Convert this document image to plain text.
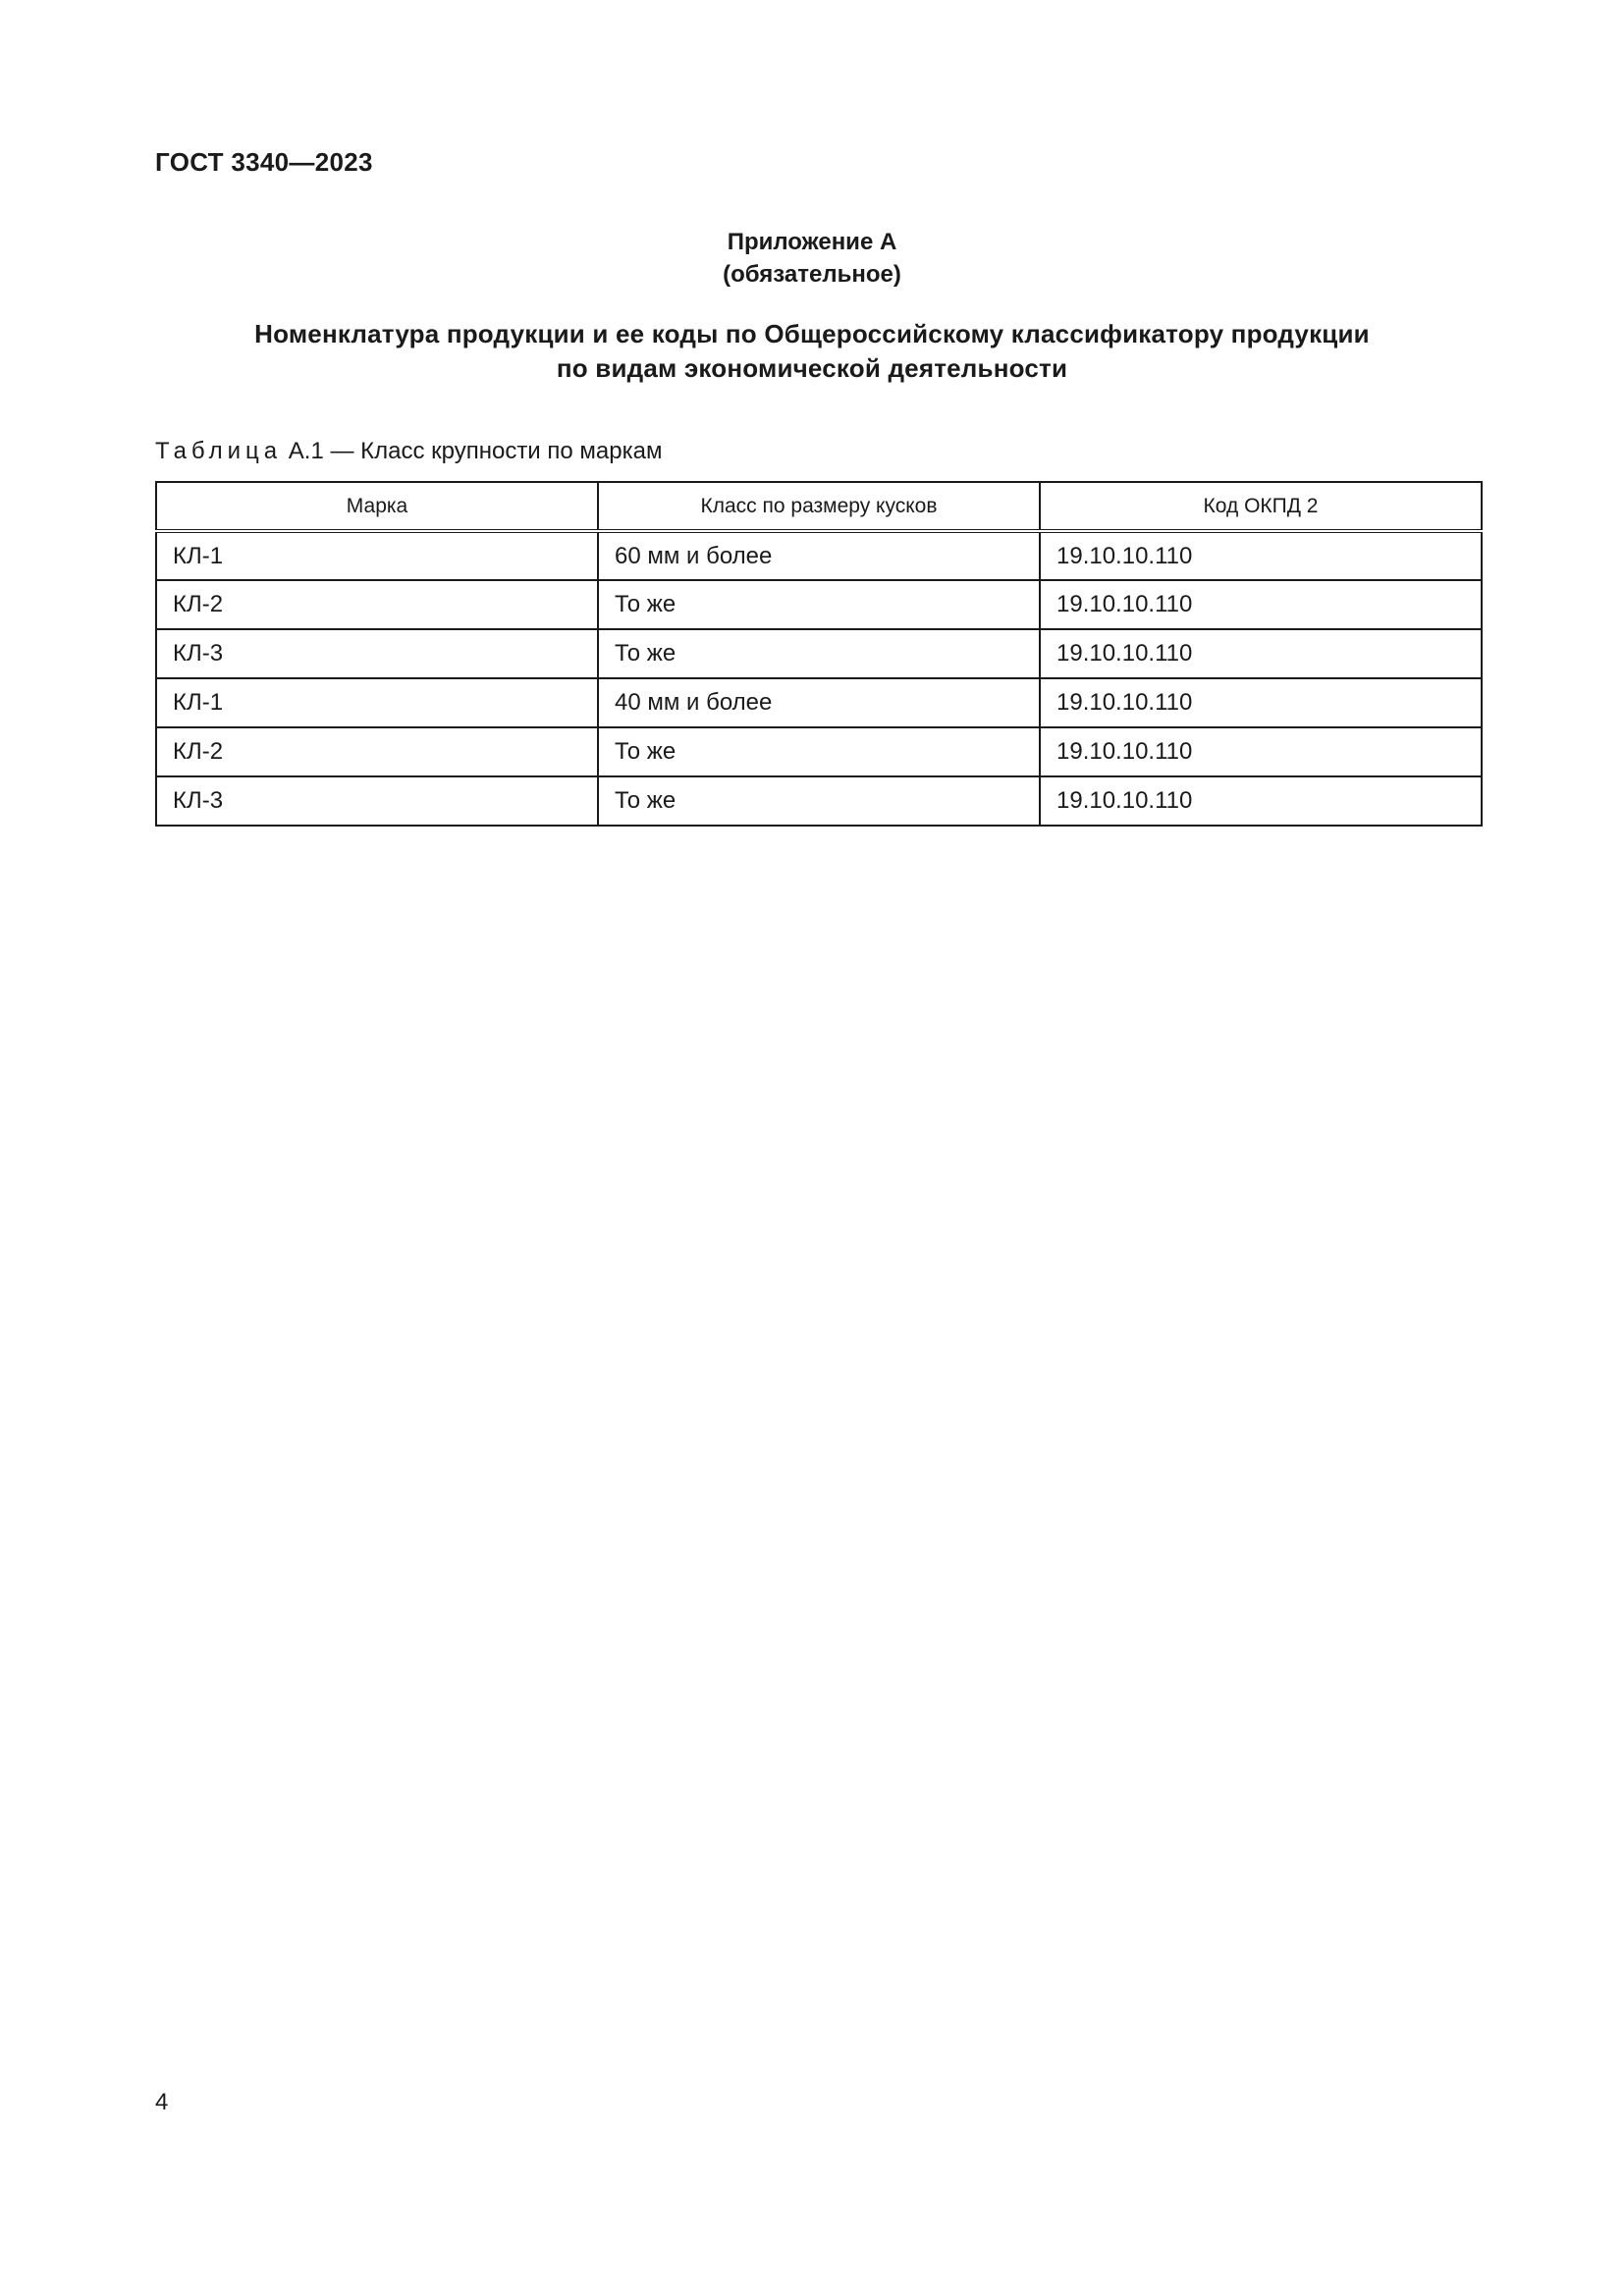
ГОСТ 3340—2023
Приложение А
(обязательное)
Номенклатура продукции и ее коды по Общероссийскому классификатору продукции
по видам экономической деятельности
Таблица А.1 — Класс крупности по маркам
Марка	Класс по размеру кусков	Код ОКПД 2
КЛ-1	60 мм и более	19.10.10.110
КЛ-2	То же	19.10.10.110
КЛ-3	То же	19.10.10.110
КЛ-1	40 мм и более	19.10.10.110
КЛ-2	То же	19.10.10.110
КЛ-3	То же	19.10.10.110
4
